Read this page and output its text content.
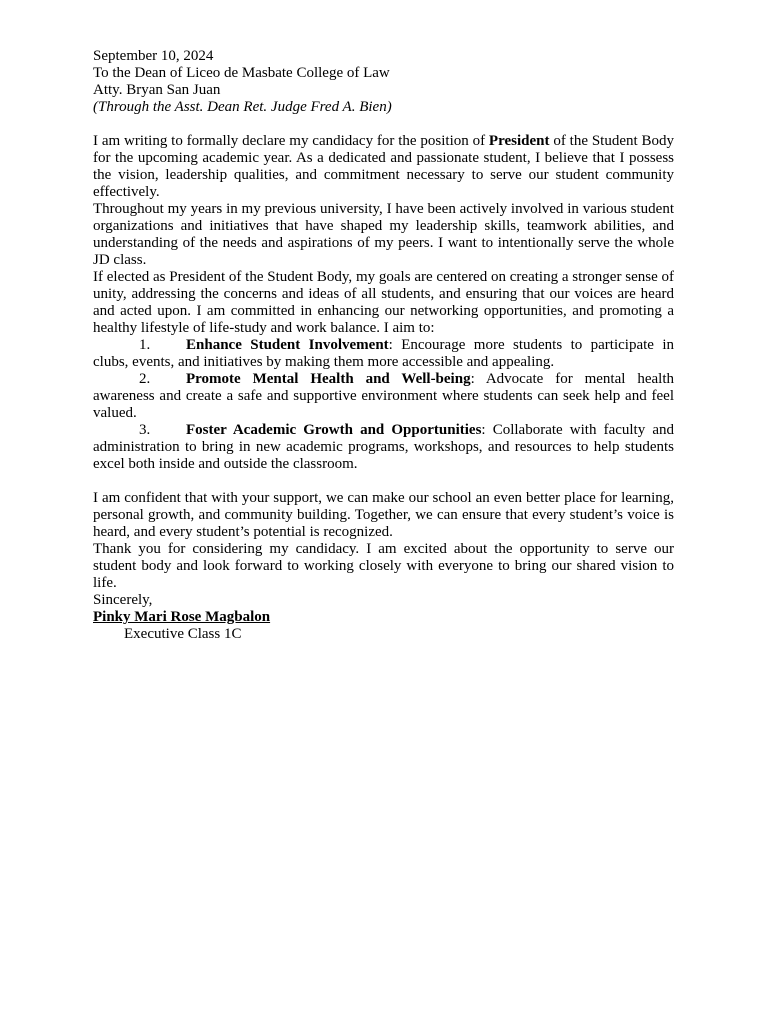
September 10, 2024

To the Dean of Liceo de Masbate College of Law

Atty. Bryan San Juan

(Through the Asst. Dean Ret. Judge Fred A. Bien)

I am writing to formally declare my candidacy for the position of President of the Student Body for the upcoming academic year. As a dedicated and passionate student, I believe that I possess the vision, leadership qualities, and commitment necessary to serve our student community effectively.

Throughout my years in my previous university, I have been actively involved in various student organizations and initiatives that have shaped my leadership skills, teamwork abilities, and understanding of the needs and aspirations of my peers. I want to intentionally serve the whole JD class.

If elected as President of the Student Body, my goals are centered on creating a stronger sense of unity, addressing the concerns and ideas of all students, and ensuring that our voices are heard and acted upon. I am committed in enhancing our networking opportunities, and promoting a healthy lifestyle of life-study and work balance. I aim to:

1. Enhance Student Involvement: Encourage more students to participate in clubs, events, and initiatives by making them more accessible and appealing.

2. Promote Mental Health and Well-being: Advocate for mental health awareness and create a safe and supportive environment where students can seek help and feel valued.

3. Foster Academic Growth and Opportunities: Collaborate with faculty and administration to bring in new academic programs, workshops, and resources to help students excel both inside and outside the classroom.

I am confident that with your support, we can make our school an even better place for learning, personal growth, and community building. Together, we can ensure that every student’s voice is heard, and every student’s potential is recognized.

Thank you for considering my candidacy. I am excited about the opportunity to serve our student body and look forward to working closely with everyone to bring our shared vision to life.

Sincerely,

Pinky Mari Rose Magbalon

Executive Class 1C
